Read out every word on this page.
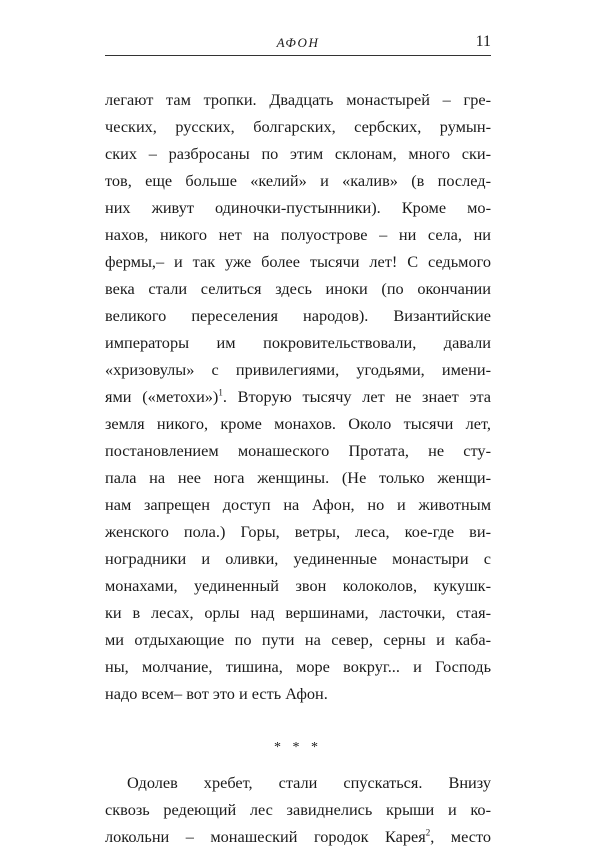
АФОН	11
легают там тропки. Двадцать монастырей – гре-
ческих, русских, болгарских, сербских, румын-
ских – разбросаны по этим склонам, много ски-
тов, еще больше «келий» и «калив» (в послед-
них живут одиночки-пустынники). Кроме мо-
нахов, никого нет на полуострове – ни села, ни
фермы,– и так уже более тысячи лет! С седьмого
века стали селиться здесь иноки (по окончании
великого переселения народов). Византийские
императоры им покровительствовали, давали
«хризовулы» с привилегиями, угодьями, имени-
ями («метохи»)$^1$. Вторую тысячу лет не знает эта
земля никого, кроме монахов. Около тысячи лет,
постановлением монашеского Протата, не сту-
пала на нее нога женщины. (Не только женщи-
нам запрещен доступ на Афон, но и животным
женского пола.) Горы, ветры, леса, кое-где ви-
ноградники и оливки, уединенные монастыри с
монахами, уединенный звон колоколов, кукушк-
ки в лесах, орлы над вершинами, ласточки, стая-
ми отдыхающие по пути на север, серны и каба-
ны, молчание, тишина, море вокруг... и Господь
надо всем– вот это и есть Афон.
* * *
Одолев хребет, стали спускаться. Внизу
сквозь редеющий лес завиднелись крыши и ко-
локольни – монашеский городок Карея$^2$, место
